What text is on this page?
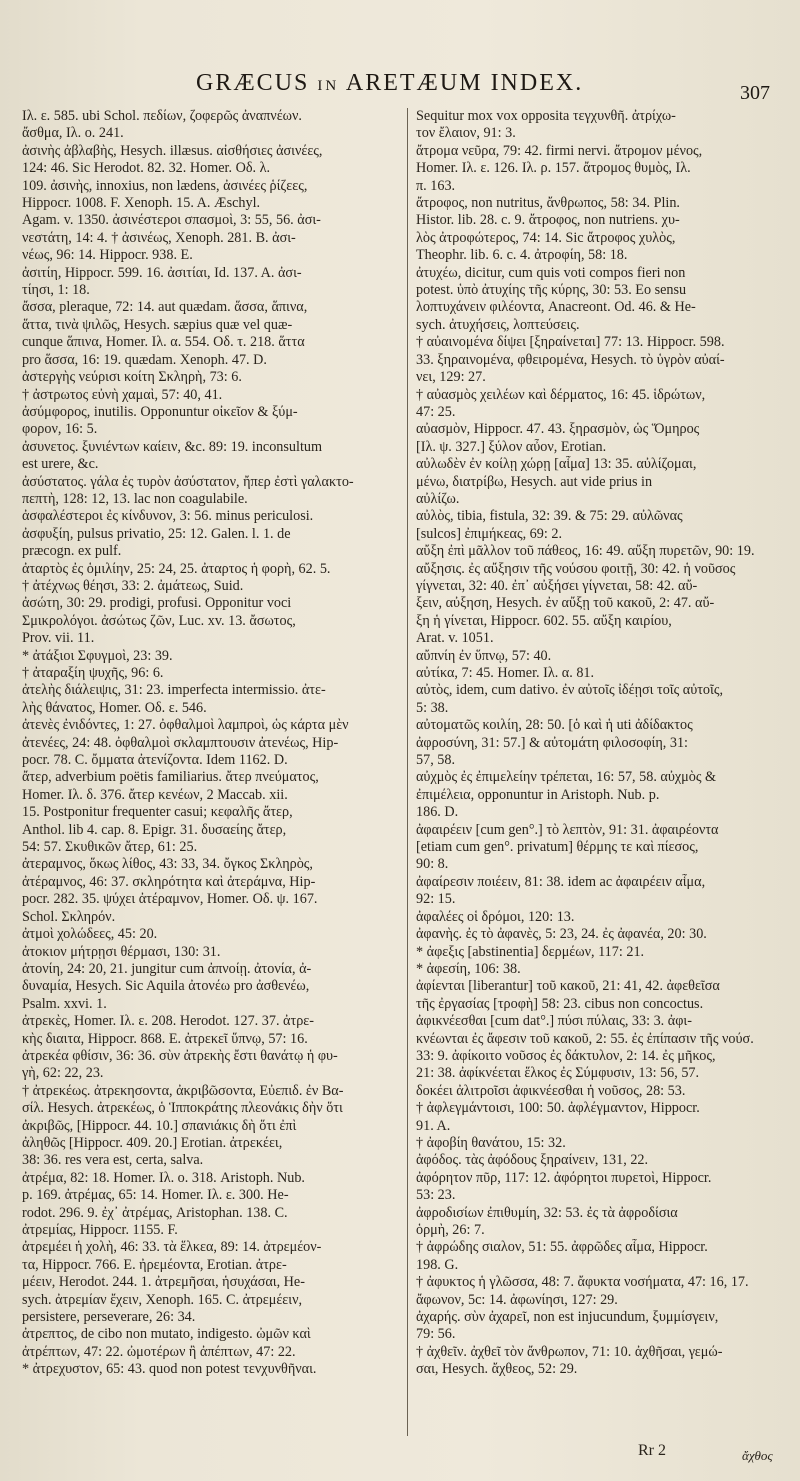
GRÆCUS IN ARETÆUM INDEX.	307
Ιλ. ε. 585. ubi Schol. πεδίων, ζοφερῶς ἀναπνέων.
ἄσθμα, Ιλ. ο. 241.
ἀσινὴς ἀβλαβὴς, Hesych. illæsus. αἰσθήσιες ἀσινέες,
124: 46. Sic Herodot. 82. 32. Homer. Οδ. λ.
109. ἀσινὴς, innoxius, non lædens, ἀσινέες ῥίζεες,
Hippocr. 1008. F. Xenoph. 15. A. Æschyl.
Agam. v. 1350. ἀσινέστεροι σπασμοὶ, 3: 55, 56. ἀσι-
νεστάτη, 14: 4. † ἀσινέως, Xenoph. 281. B. ἀσι-
νέως, 96: 14. Hippocr. 938. E.
ἀσιτίη, Hippocr. 599. 16. ἀσιτίαι, Id. 137. A. ἀσι-
τίησι, 1: 18.
ἄσσα, pleraque, 72: 14. aut quædam. ἅσσα, ἅπινα,
ἅττα, τινὰ ψιλῶς, Hesych. sæpius quæ vel quæ-
cunque ἅπινα, Homer. Ιλ. α. 554. Οδ. τ. 218. ἅττα
pro ἅσσα, 16: 19. quædam. Xenoph. 47. D.
ἀστεργὴς νεύρισι κοίτη Σκληρὴ, 73: 6.
† ἀστρωτος εὐνὴ χαμαὶ, 57: 40, 41.
ἀσύμφορος, inutilis. Opponuntur οἰκεῖον & ξύμ-
φορον, 16: 5.
ἀσυνετος. ξυνιέντων καίειν, &c. 89: 19. inconsultum
est urere, &c.
ἀσύστατος. γάλα ἐς τυρὸν ἀσύστατον, ἤπερ ἐστὶ γαλακτο-
πεπτὴ, 128: 12, 13. lac non coagulabile.
ἀσφαλέστεροι ἐς κίνδυνον, 3: 56. minus periculosi.
ἀσφυξίη, pulsus privatio, 25: 12. Galen. l. 1. de
præcogn. ex pulf.
ἀταρτὸς ἐς ὁμιλίην, 25: 24, 25. ἀταρτος ἡ φορὴ, 62. 5.
† ἀτέχνως θέησι, 33: 2. ἀμάτεως, Suid.
ἀσώτη, 30: 29. prodigi, profusi. Opponitur voci
Σμικρολόγοι. ἀσώτως ζῶν, Luc. xv. 13. ἄσωτος,
Prov. vii. 11.
* ἀτάξιοι Σφυγμοὶ, 23: 39.
† ἀταραξίη ψυχῆς, 96: 6.
ἀτελὴς διάλειψις, 31: 23. imperfecta intermissio. ἀτε-
λὴς θάνατος, Homer. Οδ. ε. 546.
ἀτενὲς ἐνιδόντες, 1: 27. ὀφθαλμοὶ λαμπροὶ, ὡς κάρτα μὲν
ἀτενέες, 24: 48. ὀφθαλμοὶ σκλαμπτουσιν ἀτενέως, Hip-
pocr. 78. C. ὄμματα ἀτενίζοντα. Idem 1162. D.
ἄτερ, adverbium poëtis familiarius. ἄτερ πνεύματος,
Homer. Ιλ. δ. 376. ἄτερ κενέων, 2 Maccab. xii.
15. Postponitur frequenter casui; κεφαλῆς ἄτερ,
Anthol. lib 4. cap. 8. Epigr. 31. δυσαείης ἄτερ,
54: 57. Σκυθικῶν ἄτερ, 61: 25.
ἀτεραμνος, ὅκως λίθος, 43: 33, 34. ὄγκος Σκληρὸς,
ἀτέραμνος, 46: 37. σκληρότητα καὶ ἀτεράμνα, Hip-
pocr. 282. 35. ψύχει ἀτέραμνον, Homer. Οδ. ψ. 167.
Schol. Σκληρόν.
ἀτμοὶ χολώδεες, 45: 20.
ἀτοκιον μήτρῃσι θέρμασι, 130: 31.
ἀτονίη, 24: 20, 21. jungitur cum ἀπνοίῃ. ἀτονία, ἀ-
δυναμία, Hesych. Sic Aquila ἀτονέω pro ἀσθενέω,
Psalm. xxvi. 1.
ἀτρεκὲς, Homer. Ιλ. ε. 208. Herodot. 127. 37. ἀτρε-
κὴς διαιτα, Hippocr. 868. E. ἀτρεκεῖ ὕπνῳ, 57: 16.
ἀτρεκέα φθίσιν, 36: 36. σὺν ἀτρεκὴς ἔστι θανάτῳ ἡ φυ-
γὴ, 62: 22, 23.
† ἀτρεκέως. ἀτρεκησοντα, ἀκριβῶσοντα, Εὐεπιδ. ἐν Βα-
σίλ. Hesych. ἀτρεκέως, ὁ Ἱπποκράτης πλεονάκις δὴν ὅτι
ἀκριβῶς, [Hippocr. 44. 10.] σπανιάκις δὴ ὅτι ἐπὶ
ἀληθῶς [Hippocr. 409. 20.] Erotian. ἀτρεκέει,
38: 36. res vera est, certa, salva.
ἀτρέμα, 82: 18. Homer. Ιλ. ο. 318. Aristoph. Nub.
p. 169. ἀτρέμας, 65: 14. Homer. Ιλ. ε. 300. He-
rodot. 296. 9. ἐχ᾽ ἀτρέμας, Aristophan. 138. C.
ἀτρεμίας, Hippocr. 1155. F.
ἀτρεμέει ἡ χολὴ, 46: 33. τὰ ἕλκεα, 89: 14. ἀτρεμέον-
τα, Hippocr. 766. E. ἠρεμέοντα, Erotian. ἀτρε-
μέειν, Herodot. 244. 1. ἀτρεμῆσαι, ἡσυχάσαι, He-
sych. ἀτρεμίαν ἔχειν, Xenoph. 165. C. ἀτρεμέειν,
persistere, perseverare, 26: 34.
ἀτρεπτος, de cibo non mutato, indigesto. ὠμῶν καὶ
ἀτρέπτων, 47: 22. ὠμοτέρων ἢ ἀπέπτων, 47: 22.
* ἀτρεχυστον, 65: 43. quod non potest τενχυνθῆναι.
Sequitur mox vox opposita τεγχυνθῆ. ἀτρίχω-
τον ἔλαιον, 91: 3.
ἄτρομα νεῦρα, 79: 42. firmi nervi. ἄτρομον μένος,
Homer. Ιλ. ε. 126. Ιλ. ρ. 157. ἄτρομος θυμὸς, Ιλ.
π. 163.
ἄτροφος, non nutritus, ἄνθρωπος, 58: 34. Plin.
Histor. lib. 28. c. 9. ἄτροφος, non nutriens. χυ-
λὸς ἀτροφώτερος, 74: 14. Sic ἄτροφος χυλὸς,
Theophr. lib. 6. c. 4. ἀτροφίη, 58: 18.
ἀτυχέω, dicitur, cum quis voti compos fieri non
potest. ὑπὸ ἀτυχίης τῆς κύρης, 30: 53. Eo sensu
λοπτυχάνειν φιλέοντα, Anacreont. Od. 46. & He-
sych. ἀτυχήσεις, λοπτεύσεις.
† αὐαινομένα δίψει [ξηραίνεται] 77: 13. Hippocr. 598.
33. ξηραινομένα, φθειρομένα, Hesych. τὸ ὑγρὸν αὐαί-
νει, 129: 27.
† αὐασμὸς χειλέων καὶ δέρματος, 16: 45. ἱδρώτων,
47: 25.
αὐασμὸν, Hippocr. 47. 43. ξηρασμὸν, ὡς Ὅμηρος
[Ιλ. ψ. 327.] ξύλον αὖον, Erotian.
αὐλωδὲν ἐν κοίλῃ χώρῃ [αἷμα] 13: 35. αὐλίζομαι,
μένω, διατρίβω, Hesych. aut vide prius in
αὐλίζω.
αὐλὸς, tibia, fistula, 32: 39. & 75: 29. αὐλῶνας
[sulcos] ἐπιμήκεας, 69: 2.
αὔξη ἐπὶ μᾶλλον τοῦ πάθεος, 16: 49. αὔξη πυρετῶν, 90: 19.
αὔξησις. ἐς αὔξησιν τῆς νούσου φοιτῇ, 30: 42. ἡ νοῦσος
γίγνεται, 32: 40. ἐπ᾽ αὐξήσει γίγνεται, 58: 42. αὔ-
ξειν, αὐξηση, Hesych. ἐν αὔξῃ τοῦ κακοῦ, 2: 47. αὔ-
ξη ἡ γίνεται, Hippocr. 602. 55. αὔξη καιρίου,
Arat. v. 1051.
αὔπνίη ἐν ὕπνῳ, 57: 40.
αὐτίκα, 7: 45. Homer. Ιλ. α. 81.
αὐτὸς, idem, cum dativo. ἐν αὐτοῖς ἰδέῃσι τοῖς αὐτοῖς,
5: 38.
αὐτοματῶς κοιλίη, 28: 50. [ὁ καὶ ἡ uti ἀδίδακτος
ἀφροσύνη, 31: 57.] & αὐτομάτη φιλοσοφίη, 31:
57, 58.
αὐχμὸς ἐς ἐπιμελείην τρέπεται, 16: 57, 58. αὐχμὸς &
ἐπιμέλεια, opponuntur in Aristoph. Nub. p.
186. D.
ἀφαιρέειν [cum gen°.] τὸ λεπτὸν, 91: 31. ἀφαιρέοντα
[etiam cum gen°. privatum] θέρμης τε καὶ πίεσος,
90: 8.
ἀφαίρεσιν ποιέειν, 81: 38. idem ac ἀφαιρέειν αἷμα,
92: 15.
ἀφαλέες οἱ δρόμοι, 120: 13.
ἀφανὴς. ἐς τὸ ἀφανὲς, 5: 23, 24. ἐς ἀφανέα, 20: 30.
* ἀφεξις [abstinentia] δερμέων, 117: 21.
* ἀφεσίη, 106: 38.
ἀφίενται [liberantur] τοῦ κακοῦ, 21: 41, 42. ἀφεθεῖσα
τῆς ἐργασίας [τροφὴ] 58: 23. cibus non concoctus.
ἀφικνέεσθαι [cum dat°.] πύσι πύλαις, 33: 3. ἀφι-
κνέωνται ἐς ἄφεσιν τοῦ κακοῦ, 2: 55. ἐς ἐπίπασιν τῆς νούσ.
33: 9. ἀφίκοιτο νοῦσος ἐς δάκτυλον, 2: 14. ἐς μῆκος,
21: 38. ἀφίκνέεται ἕλκος ἐς Σύμφυσιν, 13: 56, 57.
δοκέει ἀλιτροῖσι ἀφικνέεσθαι ἡ νοῦσος, 28: 53.
† ἀφλεγμάντοισι, 100: 50. ἀφλέγμαντον, Hippocr.
91. A.
† ἀφοβίη θανάτου, 15: 32.
ἀφόδος. τὰς ἀφόδους ξηραίνειν, 131, 22.
ἀφόρητον πῦρ, 117: 12. ἀφόρητοι πυρετοὶ, Hippocr.
53: 23.
ἀφροδισίων ἐπιθυμίη, 32: 53. ἐς τὰ ἀφροδίσια
ὁρμὴ, 26: 7.
† ἀφρώδης σιαλον, 51: 55. ἀφρῶδες αἷμα, Hippocr.
198. G.
† ἀφυκτος ἡ γλῶσσα, 48: 7. ἄφυκτα νοσήματα, 47: 16, 17.
ἄφωνον, 5c: 14. ἀφωνίησι, 127: 29.
ἀχαρής. σὺν ἀχαρεῖ, non est injucundum, ξυμμίσγειν,
79: 56.
† ἀχθεῖν. ἀχθεῖ τὸν ἄνθρωπον, 71: 10. ἀχθῆσαι, γεμώ-
σαι, Hesych. ἄχθεος, 52: 29.
Rr 2	ἄχθος
